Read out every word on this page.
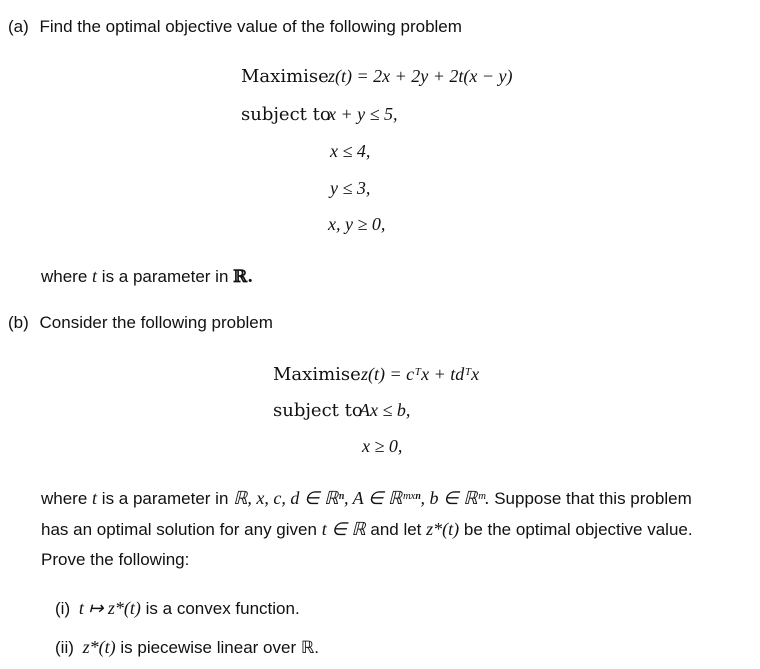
(a) Find the optimal objective value of the following problem
Maximise z(t) = 2x + 2y + 2t(x − y)
subject to
x + y ≤ 5,
x ≤ 4,
y ≤ 3,
x, y ≥ 0,
where t is a parameter in ℝ.
(b) Consider the following problem
Maximise z(t) = cᵀx + tdᵀx
subject to
Ax ≤ b,
x ≥ 0,
where t is a parameter in ℝ, x, c, d ∈ ℝⁿ, A ∈ ℝᵐˣⁿ, b ∈ ℝᵐ. Suppose that this problem
has an optimal solution for any given t ∈ ℝ and let z*(t) be the optimal objective value.
Prove the following:
(i) t ↦ z*(t) is a convex function.
(ii) z*(t) is piecewise linear over ℝ.
